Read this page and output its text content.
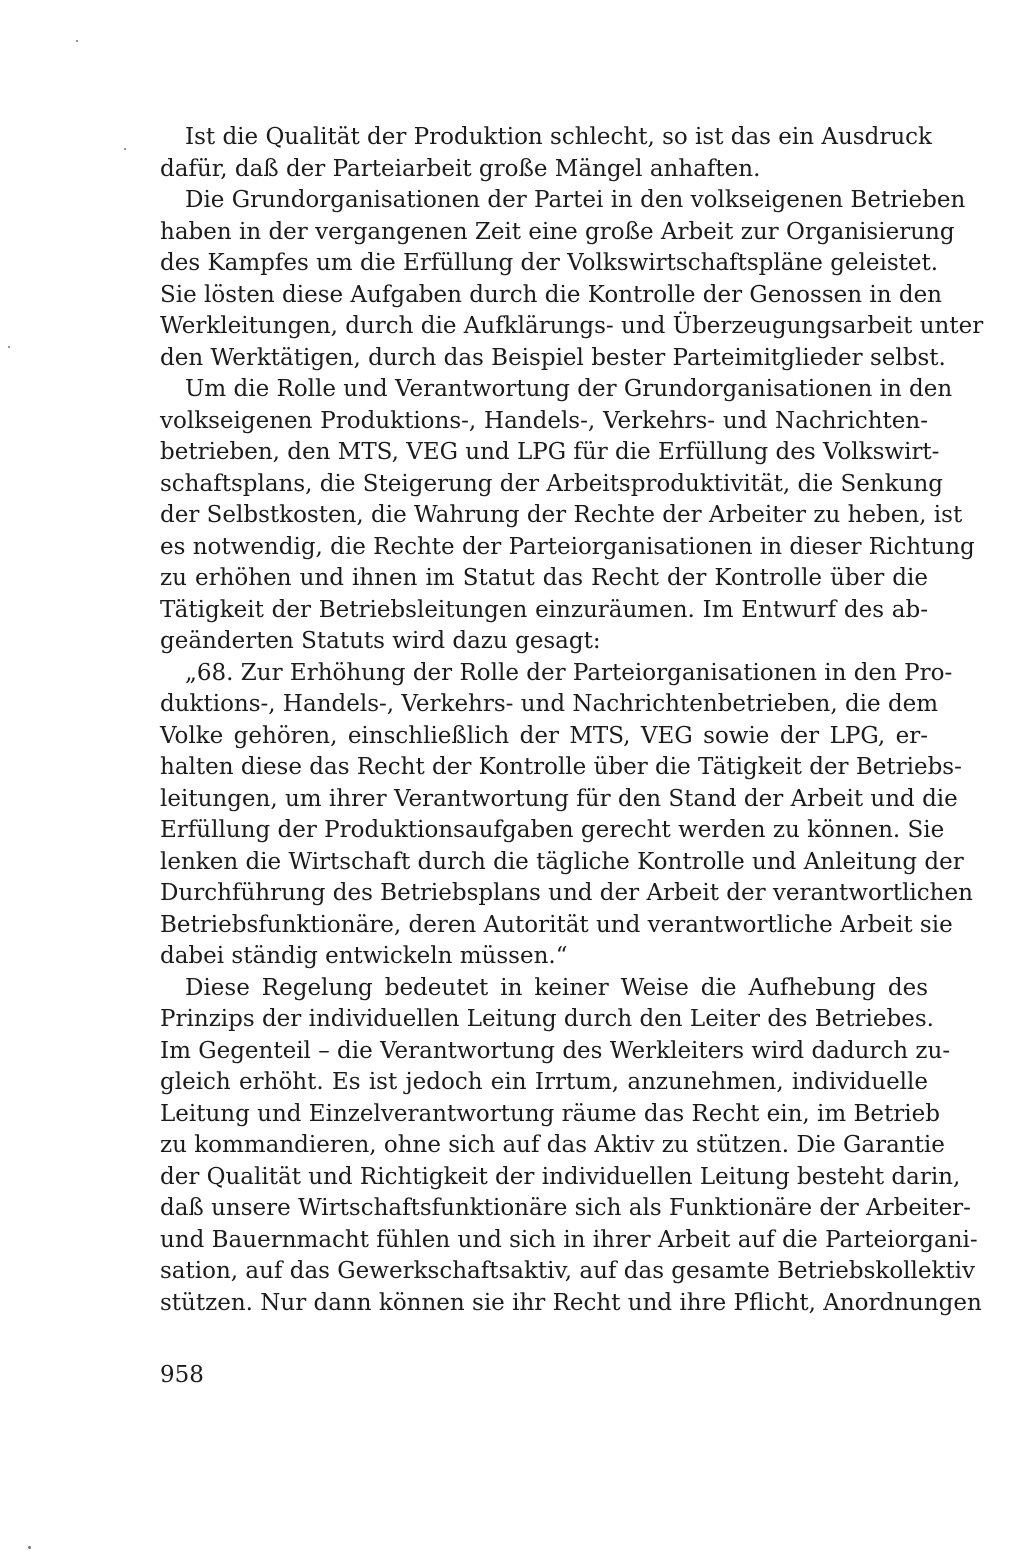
Ist die Qualität der Produktion schlecht, so ist das ein Ausdruck
dafür, daß der Parteiarbeit große Mängel anhaften.
Die Grundorganisationen der Partei in den volkseigenen Betrieben
haben in der vergangenen Zeit eine große Arbeit zur Organisierung
des Kampfes um die Erfüllung der Volkswirtschaftspläne geleistet.
Sie lösten diese Aufgaben durch die Kontrolle der Genossen in den
Werkleitungen, durch die Aufklärungs- und Überzeugungsarbeit unter
den Werktätigen, durch das Beispiel bester Parteimitglieder selbst.
Um die Rolle und Verantwortung der Grundorganisationen in den
volkseigenen Produktions-, Handels-, Verkehrs- und Nachrichten-
betrieben, den MTS, VEG und LPG für die Erfüllung des Volkswirt-
schaftsplans, die Steigerung der Arbeitsproduktivität, die Senkung
der Selbstkosten, die Wahrung der Rechte der Arbeiter zu heben, ist
es notwendig, die Rechte der Parteiorganisationen in dieser Richtung
zu erhöhen und ihnen im Statut das Recht der Kontrolle über die
Tätigkeit der Betriebsleitungen einzuräumen. Im Entwurf des ab-
geänderten Statuts wird dazu gesagt:
„68. Zur Erhöhung der Rolle der Parteiorganisationen in den Pro-
duktions-, Handels-, Verkehrs- und Nachrichtenbetrieben, die dem
Volke gehören, einschließlich der MTS, VEG sowie der LPG, er-
halten diese das Recht der Kontrolle über die Tätigkeit der Betriebs-
leitungen, um ihrer Verantwortung für den Stand der Arbeit und die
Erfüllung der Produktionsaufgaben gerecht werden zu können. Sie
lenken die Wirtschaft durch die tägliche Kontrolle und Anleitung der
Durchführung des Betriebsplans und der Arbeit der verantwortlichen
Betriebsfunktionäre, deren Autorität und verantwortliche Arbeit sie
dabei ständig entwickeln müssen.“
Diese Regelung bedeutet in keiner Weise die Aufhebung des
Prinzips der individuellen Leitung durch den Leiter des Betriebes.
Im Gegenteil – die Verantwortung des Werkleiters wird dadurch zu-
gleich erhöht. Es ist jedoch ein Irrtum, anzunehmen, individuelle
Leitung und Einzelverantwortung räume das Recht ein, im Betrieb
zu kommandieren, ohne sich auf das Aktiv zu stützen. Die Garantie
der Qualität und Richtigkeit der individuellen Leitung besteht darin,
daß unsere Wirtschaftsfunktionäre sich als Funktionäre der Arbeiter-
und Bauernmacht fühlen und sich in ihrer Arbeit auf die Parteiorgani-
sation, auf das Gewerkschaftsaktiv, auf das gesamte Betriebskollektiv
stützen. Nur dann können sie ihr Recht und ihre Pflicht, Anordnungen
958
